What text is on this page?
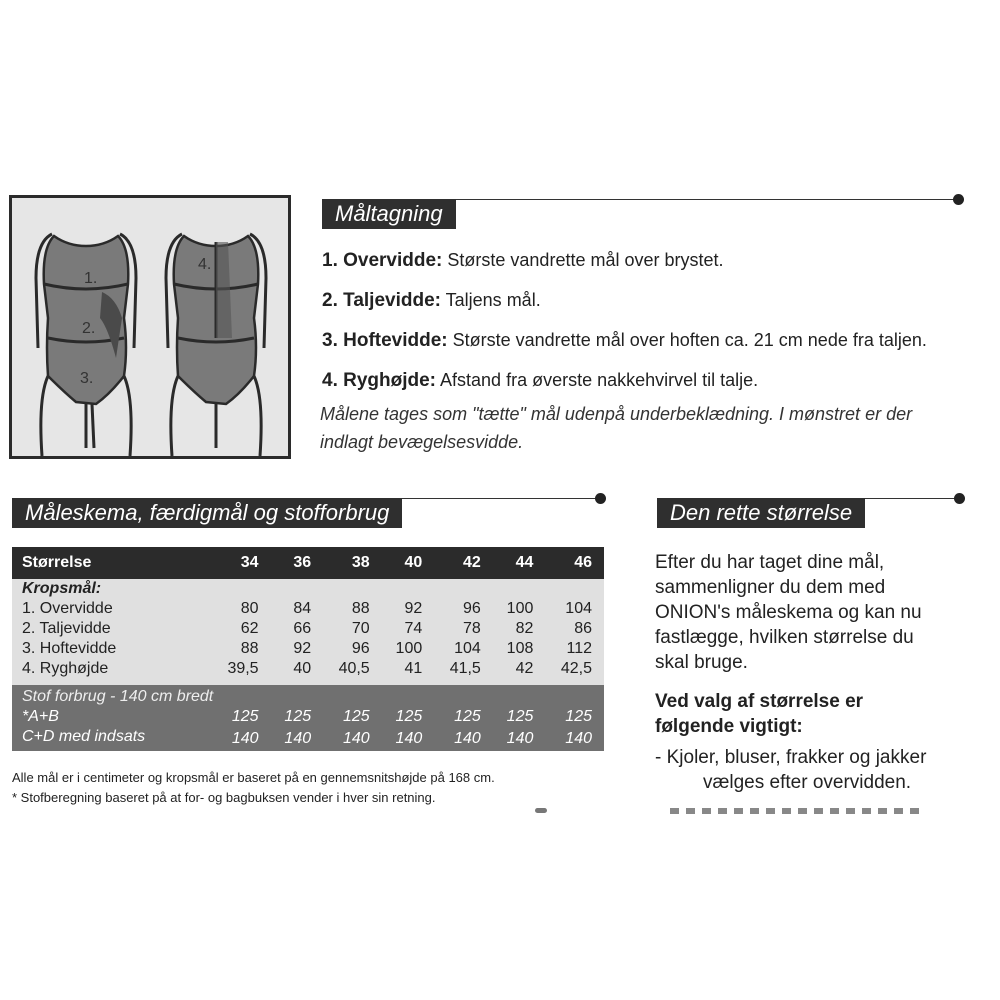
1.
2.
3.
4.
Måltagning
1. Overvidde: Største vandrette mål over brystet.
2. Taljevidde: Taljens mål.
3. Hoftevidde: Største vandrette mål over hoften ca. 21 cm nede fra taljen.
4. Ryghøjde: Afstand fra øverste nakkehvirvel til talje.
Målene tages som "tætte" mål udenpå underbeklædning. I mønstret er der
indlagt bevægelsesvidde.
Måleskema, færdigmål og stofforbrug
Størrelse	34	36	38	40	42	44	46
Kropsmål:							
1. Overvidde	80	84	88	92	96	100	104
2. Taljevidde	62	66	70	74	78	82	86
3. Hoftevidde	88	92	96	100	104	108	112
4. Ryghøjde	39,5	40	40,5	41	41,5	42	42,5

Stof forbrug - 140 cm bredt							
*A+B	125	125	125	125	125	125	125
C+D med indsats	140	140	140	140	140	140	140
Alle mål er i centimeter og kropsmål er baseret på en gennemsnitshøjde på 168 cm.
* Stofberegning baseret på at for- og bagbuksen vender i hver sin retning.
Den rette størrelse

Efter du har taget dine mål,

sammenligner du dem med

ONION's måleskema og kan nu

fastlægge, hvilken størrelse du

skal bruge.

Ved valg af størrelse er
følgende vigtigt:
- Kjoler, bluser, frakker og jakker
vælges efter overvidden.
